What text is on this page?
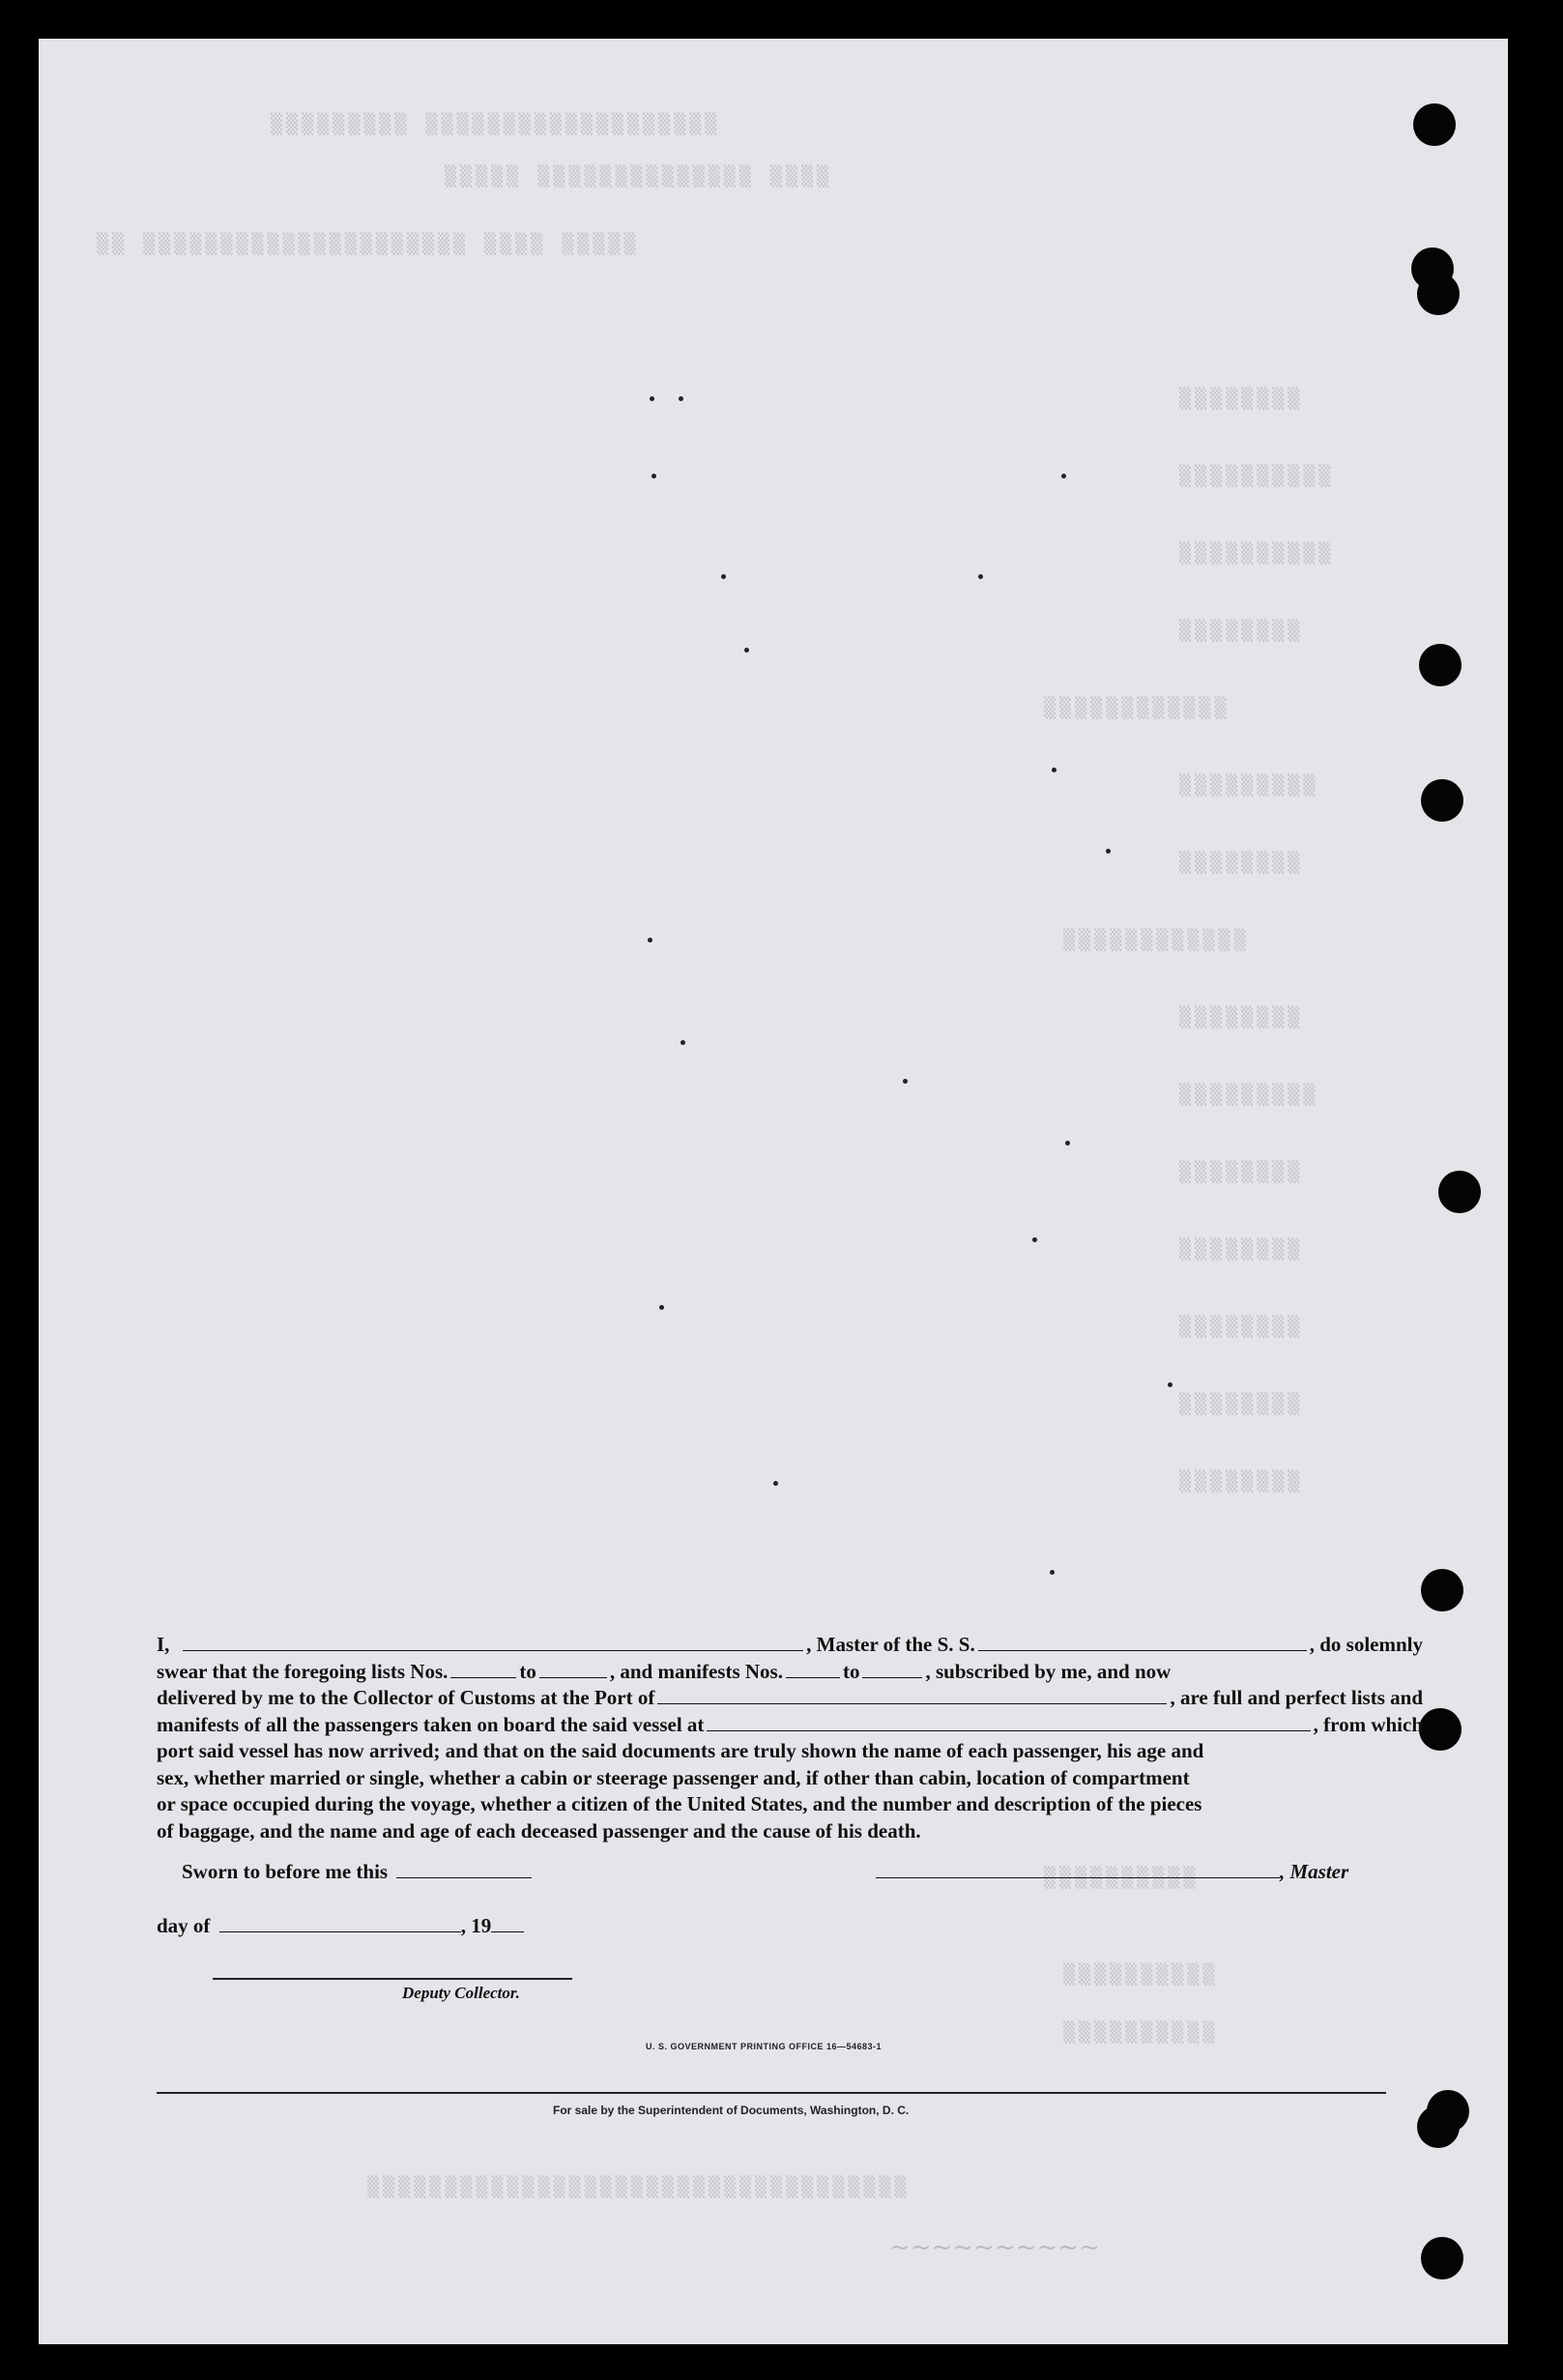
▒▒▒▒▒▒▒▒▒ ▒▒▒▒▒▒▒▒▒▒▒▒▒▒▒▒▒▒▒
▒▒▒▒▒ ▒▒▒▒▒▒▒▒▒▒▒▒▒▒ ▒▒▒▒
▒▒ ▒▒▒▒▒▒▒▒▒▒▒▒▒▒▒▒▒▒▒▒▒ ▒▒▒▒ ▒▒▒▒▒
▒▒▒▒▒▒▒▒
▒▒▒▒▒▒▒▒▒▒
▒▒▒▒▒▒▒▒▒▒
▒▒▒▒▒▒▒▒
▒▒▒▒▒▒▒▒▒▒▒▒
▒▒▒▒▒▒▒▒▒
▒▒▒▒▒▒▒▒
▒▒▒▒▒▒▒▒▒▒▒▒
▒▒▒▒▒▒▒▒
▒▒▒▒▒▒▒▒▒
▒▒▒▒▒▒▒▒
▒▒▒▒▒▒▒▒
▒▒▒▒▒▒▒▒
▒▒▒▒▒▒▒▒
▒▒▒▒▒▒▒▒
▒▒▒▒▒▒▒▒▒▒
▒▒▒▒▒▒▒▒▒▒
▒▒▒▒▒▒▒▒▒▒
▒▒▒▒▒▒▒▒▒▒▒▒▒▒▒▒▒▒▒▒▒▒▒▒▒▒▒▒▒▒▒▒▒▒▒
~~~~~~~~~~
I,	, Master of the S. S.	, do solemnly
swear that the foregoing lists Nos.	to	, and manifests Nos.	to	, subscribed by me, and now
delivered by me to the Collector of Customs at the Port of	, are full and perfect lists and
manifests of all the passengers taken on board the said vessel at	, from which
port said vessel has now arrived; and that on the said documents are truly shown the name of each passenger, his age and
sex, whether married or single, whether a cabin or steerage passenger and, if other than cabin, location of compartment
or space occupied during the voyage, whether a citizen of the United States, and the number and description of the pieces
of baggage, and the name and age of each deceased passenger and the cause of his death.
Sworn to before me this	, Master
day of	, 19
Deputy Collector.
U. S. GOVERNMENT PRINTING OFFICE 16—54683-1
For sale by the Superintendent of Documents, Washington, D. C.
